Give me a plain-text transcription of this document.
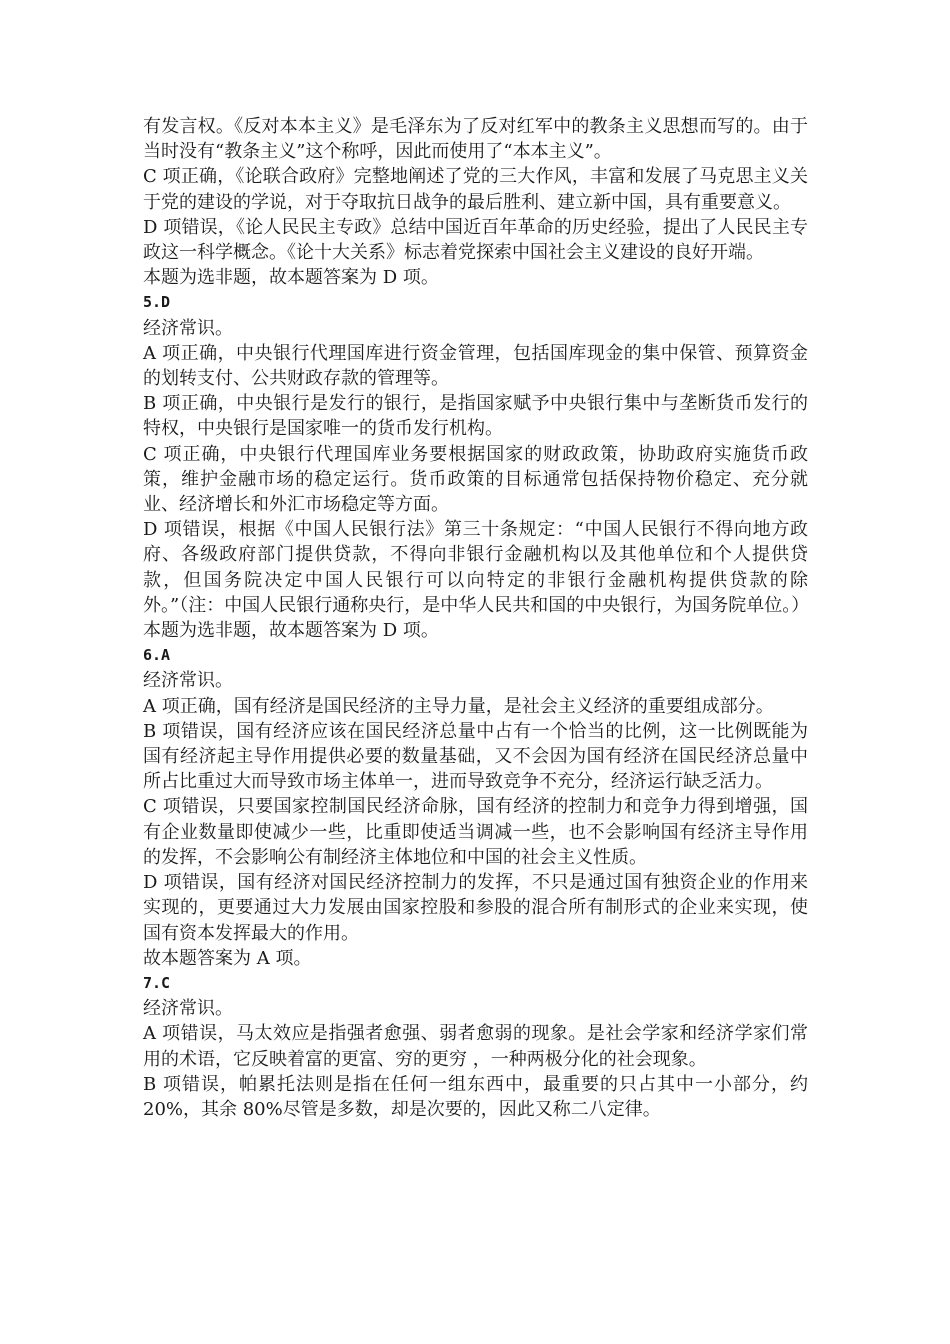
有发言权。《反对本本主义》是毛泽东为了反对红军中的教条主义思想而写的。由于当时没有“教条主义”这个称呼，因此而使用了“本本主义”。

C 项正确，《论联合政府》完整地阐述了党的三大作风，丰富和发展了马克思主义关于党的建设的学说，对于夺取抗日战争的最后胜利、建立新中国，具有重要意义。

D 项错误，《论人民民主专政》总结中国近百年革命的历史经验，提出了人民民主专政这一科学概念。《论十大关系》标志着党探索中国社会主义建设的良好开端。

本题为选非题，故本题答案为 D 项。

5.D

经济常识。

A 项正确，中央银行代理国库进行资金管理，包括国库现金的集中保管、预算资金的划转支付、公共财政存款的管理等。

B 项正确，中央银行是发行的银行，是指国家赋予中央银行集中与垄断货币发行的特权，中央银行是国家唯一的货币发行机构。

C 项正确，中央银行代理国库业务要根据国家的财政政策，协助政府实施货币政策，维护金融市场的稳定运行。货币政策的目标通常包括保持物价稳定、充分就业、经济增长和外汇市场稳定等方面。

D 项错误，根据《中国人民银行法》第三十条规定：“中国人民银行不得向地方政府、各级政府部门提供贷款，不得向非银行金融机构以及其他单位和个人提供贷款，但国务院决定中国人民银行可以向特定的非银行金融机构提供贷款的除外。”（注：中国人民银行通称央行，是中华人民共和国的中央银行，为国务院单位。）

本题为选非题，故本题答案为 D 项。

6.A

经济常识。

A 项正确，国有经济是国民经济的主导力量，是社会主义经济的重要组成部分。

B 项错误，国有经济应该在国民经济总量中占有一个恰当的比例，这一比例既能为国有经济起主导作用提供必要的数量基础，又不会因为国有经济在国民经济总量中所占比重过大而导致市场主体单一，进而导致竞争不充分，经济运行缺乏活力。

C 项错误，只要国家控制国民经济命脉，国有经济的控制力和竞争力得到增强，国有企业数量即使减少一些，比重即使适当调减一些，也不会影响国有经济主导作用的发挥，不会影响公有制经济主体地位和中国的社会主义性质。

D 项错误，国有经济对国民经济控制力的发挥，不只是通过国有独资企业的作用来实现的，更要通过大力发展由国家控股和参股的混合所有制形式的企业来实现，使国有资本发挥最大的作用。

故本题答案为 A 项。

7.C

经济常识。

A 项错误，马太效应是指强者愈强、弱者愈弱的现象。是社会学家和经济学家们常用的术语，它反映着富的更富、穷的更穷 ，一种两极分化的社会现象。

B 项错误，帕累托法则是指在任何一组东西中，最重要的只占其中一小部分，约 20%，其余 80%尽管是多数，却是次要的，因此又称二八定律。
